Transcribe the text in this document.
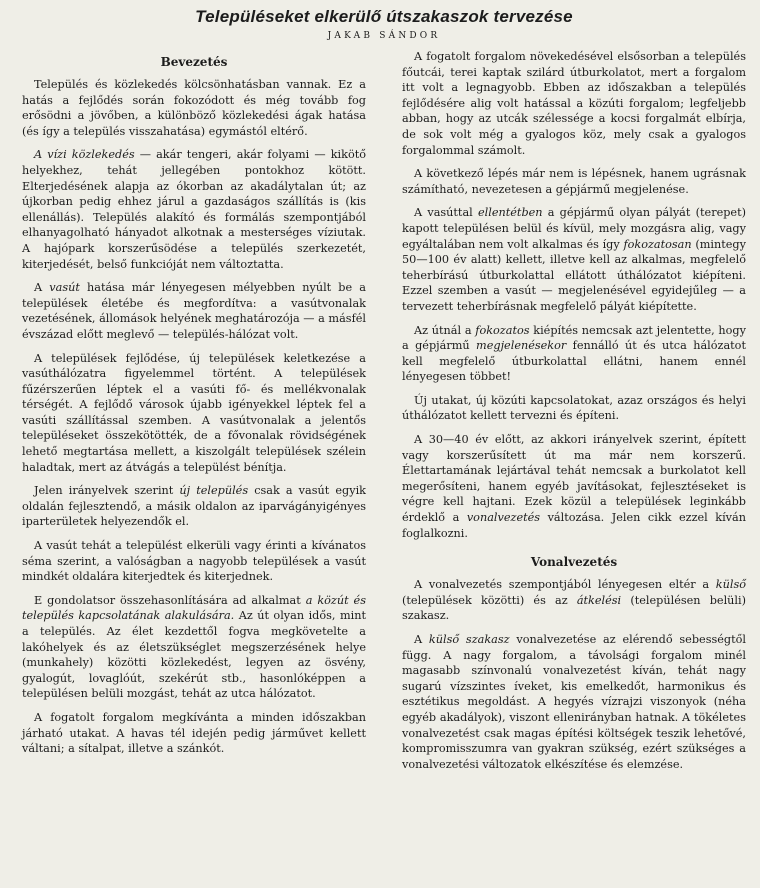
Településeket elkerülő útszakaszok tervezése
JAKAB SÁNDOR
Bevezetés

Település és közlekedés kölcsönhatásban vannak. Ez a hatás a fejlődés során fokozódott és még tovább fog erősödni a jövőben, a különböző közlekedési ágak hatása (és így a település visszahatása) egymástól eltérő.

A vízi közlekedés — akár tengeri, akár folyami — kikötő helyekhez, tehát jellegében pontokhoz kötött. Elterjedésének alapja az ókorban az akadálytalan út; az újkorban pedig ehhez járul a gazdaságos szállítás is (kis ellenállás). Település alakító és formálás szempontjából elhanyagolható hányadot alkotnak a mesterséges víziutak. A hajópark korszerűsödése a település szerkezetét, kiterjedését, belső funkcióját nem változtatta.

A vasút hatása már lényegesen mélyebben nyúlt be a települések életébe és megfordítva: a vasútvonalak vezetésének, állomások helyének meghatározója — a másfél évszázad előtt meglevő — település-hálózat volt.

A települések fejlődése, új települések keletkezése a vasúthálózatra figyelemmel történt. A települések fűzérszerűen léptek el a vasúti fő- és mellékvonalak térségét. A fejlődő városok újabb igényekkel léptek fel a vasúti szállítással szemben. A vasútvonalak a jelentős településeket összekötötték, de a fővonalak rövidségének lehető megtartása mellett, a kiszolgált települések szélein haladtak, mert az átvágás a települést bénítja.

Jelen irányelvek szerint új település csak a vasút egyik oldalán fejlesztendő, a másik oldalon az iparvágányigényes iparterületek helyezendők el.

A vasút tehát a települést elkerüli vagy érinti a kívánatos séma szerint, a valóságban a nagyobb települések a vasút mindkét oldalára kiterjedtek és kiterjednek.

E gondolatsor összehasonlítására ad alkalmat a közút és település kapcsolatának alakulására. Az út olyan idős, mint a település. Az élet kezdettől fogva megkövetelte a lakóhelyek és az életszükséglet megszerzésének helye (munkahely) közötti közlekedést, legyen az ösvény, gyalogút, lovaglóút, szekérút stb., hasonlóképpen a településen belüli mozgást, tehát az utca hálózatot.

A fogatolt forgalom megkívánta a minden időszakban járható utakat. A havas tél idején pedig járművet kellett váltani; a sítalpat, illetve a szánkót.

A fogatolt forgalom növekedésével elsősorban a település főutcái, terei kaptak szilárd útburkolatot, mert a forgalom itt volt a legnagyobb. Ebben az időszakban a település fejlődésére alig volt hatással a közúti forgalom; legfeljebb abban, hogy az utcák szélessége a kocsi forgalmát elbírja, de sok volt még a gyalogos köz, mely csak a gyalogos forgalommal számolt.

A következő lépés már nem is lépésnek, hanem ugrásnak számítható, nevezetesen a gépjármű megjelenése.

A vasúttal ellentétben a gépjármű olyan pályát (terepet) kapott településen belül és kívül, mely mozgásra alig, vagy egyáltalában nem volt alkalmas és így fokozatosan (mintegy 50—100 év alatt) kellett, illetve kell az alkalmas, megfelelő teherbírású útburkolattal ellátott úthálózatot kiépíteni. Ezzel szemben a vasút — megjelenésével egyidejűleg — a tervezett teherbírásnak megfelelő pályát kiépítette.

Az útnál a fokozatos kiépítés nemcsak azt jelentette, hogy a gépjármű megjelenésekor fennálló út és utca hálózatot kell megfelelő útburkolattal ellátni, hanem ennél lényegesen többet!

Új utakat, új közúti kapcsolatokat, azaz országos és helyi úthálózatot kellett tervezni és építeni.

A 30—40 év előtt, az akkori irányelvek szerint, épített vagy korszerűsített út ma már nem korszerű. Élettartamának lejártával tehát nemcsak a burkolatot kell megerősíteni, hanem egyéb javításokat, fejlesztéseket is végre kell hajtani. Ezek közül a települések leginkább érdeklő a vonalvezetés változása. Jelen cikk ezzel kíván foglalkozni.

Vonalvezetés

A vonalvezetés szempontjából lényegesen eltér a külső (települések közötti) és az átkelési (településen belüli) szakasz.

A külső szakasz vonalvezetése az elérendő sebességtől függ. A nagy forgalom, a távolsági forgalom minél magasabb színvonalú vonalvezetést kíván, tehát nagy sugarú vízszintes íveket, kis emelkedőt, harmonikus és esztétikus megoldást. A hegyés vízrajzi viszonyok (néha egyéb akadályok), viszont ellenirányban hatnak. A tökéletes vonalvezetést csak magas építési költségek teszik lehetővé, kompromisszumra van gyakran szükség, ezért szükséges a vonalvezetési változatok elkészítése és elemzése.
